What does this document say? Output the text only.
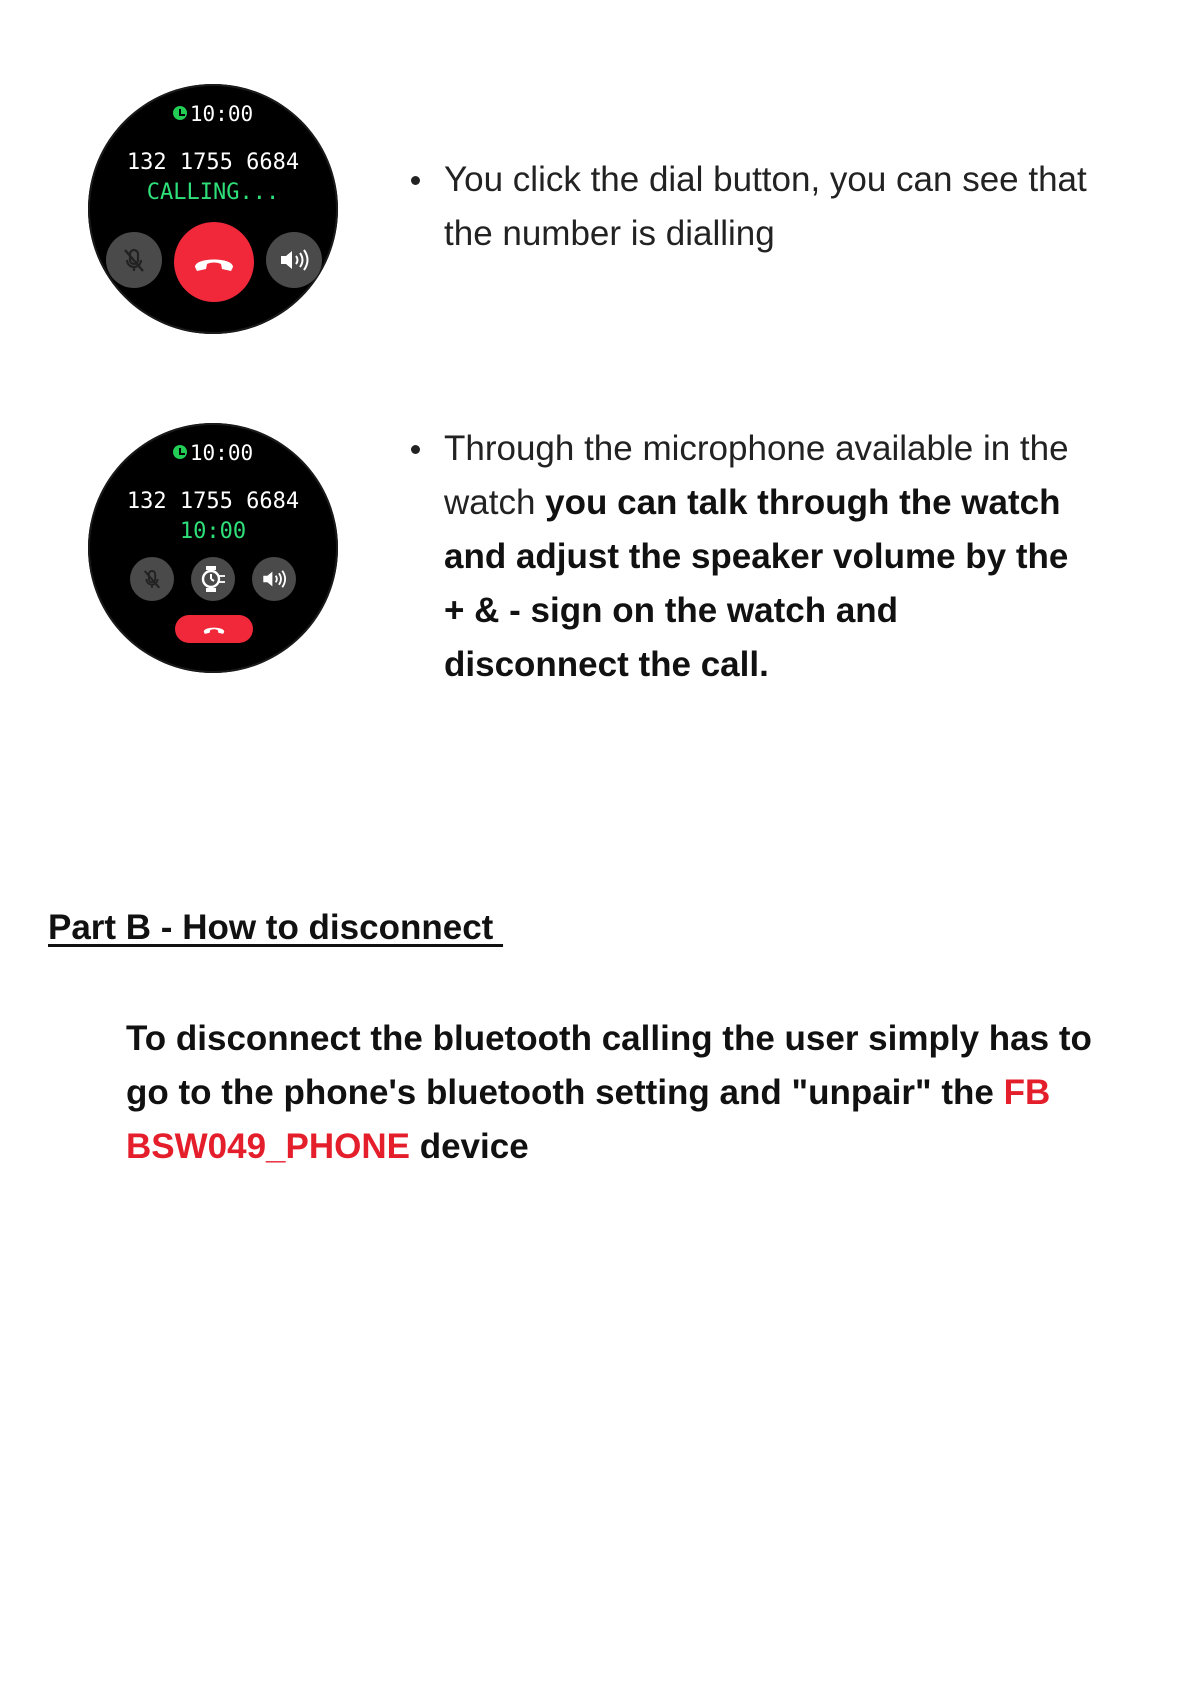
10:00
132 1755 6684
CALLING...
10:00
132 1755 6684
10:00
You click the dial button, you can see that the number is dialling
Through the microphone available in the watch you can talk through the watch and adjust the speaker volume by the + & - sign on the watch and disconnect the call.
Part B - How to disconnect
To disconnect the bluetooth calling the user simply has to go to the phone's bluetooth setting and "unpair" the FB BSW049_PHONE device
